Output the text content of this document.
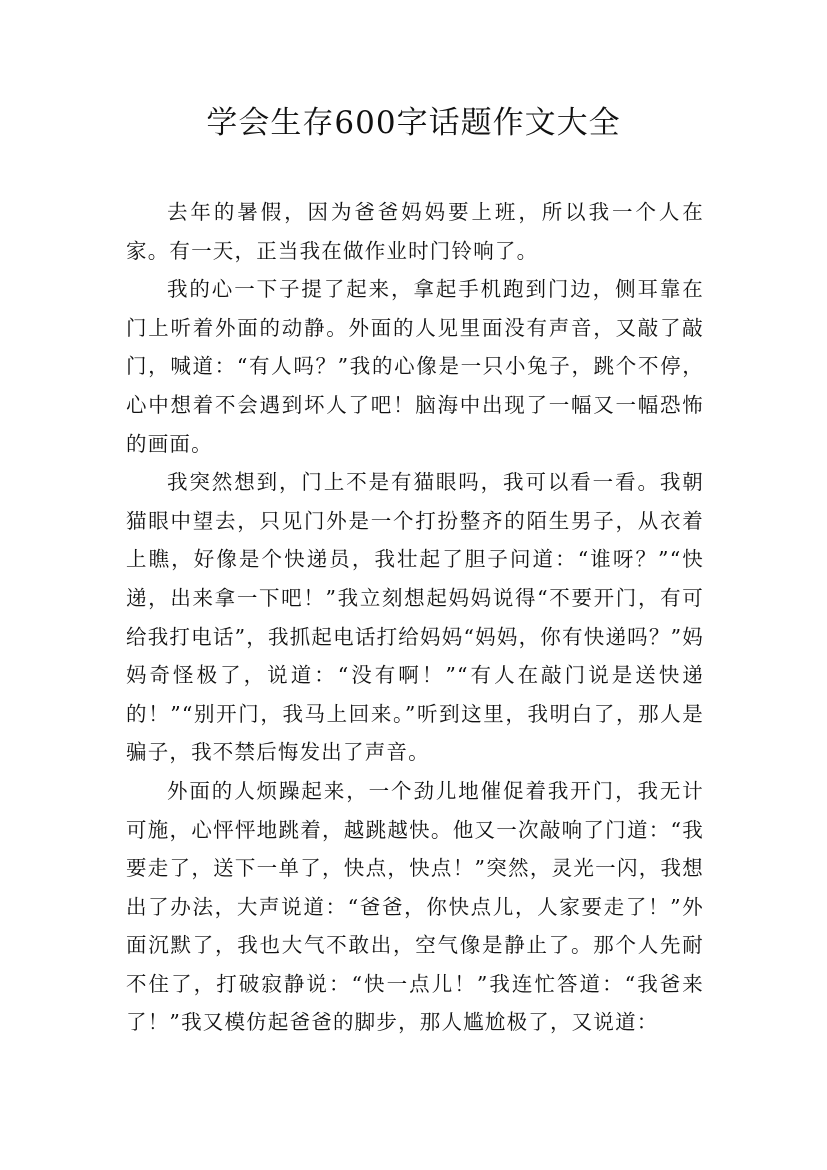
学会生存600字话题作文大全

去年的暑假，因为爸爸妈妈要上班，所以我一个人在家。有一天，正当我在做作业时门铃响了。

我的心一下子提了起来，拿起手机跑到门边，侧耳靠在门上听着外面的动静。外面的人见里面没有声音，又敲了敲门，喊道：“有人吗？”我的心像是一只小兔子，跳个不停，心中想着不会遇到坏人了吧！脑海中出现了一幅又一幅恐怖的画面。

我突然想到，门上不是有猫眼吗，我可以看一看。我朝猫眼中望去，只见门外是一个打扮整齐的陌生男子，从衣着上瞧，好像是个快递员，我壮起了胆子问道：“谁呀？”“快递，出来拿一下吧！”我立刻想起妈妈说得“不要开门，有可给我打电话”，我抓起电话打给妈妈“妈妈，你有快递吗？”妈妈奇怪极了，说道：“没有啊！”“有人在敲门说是送快递的！”“别开门，我马上回来。”听到这里，我明白了，那人是骗子，我不禁后悔发出了声音。

外面的人烦躁起来，一个劲儿地催促着我开门，我无计可施，心怦怦地跳着，越跳越快。他又一次敲响了门道：“我要走了，送下一单了，快点，快点！”突然，灵光一闪，我想出了办法，大声说道：“爸爸，你快点儿，人家要走了！”外面沉默了，我也大气不敢出，空气像是静止了。那个人先耐不住了，打破寂静说：“快一点儿！”我连忙答道：“我爸来了！”我又模仿起爸爸的脚步，那人尴尬极了，又说道：
